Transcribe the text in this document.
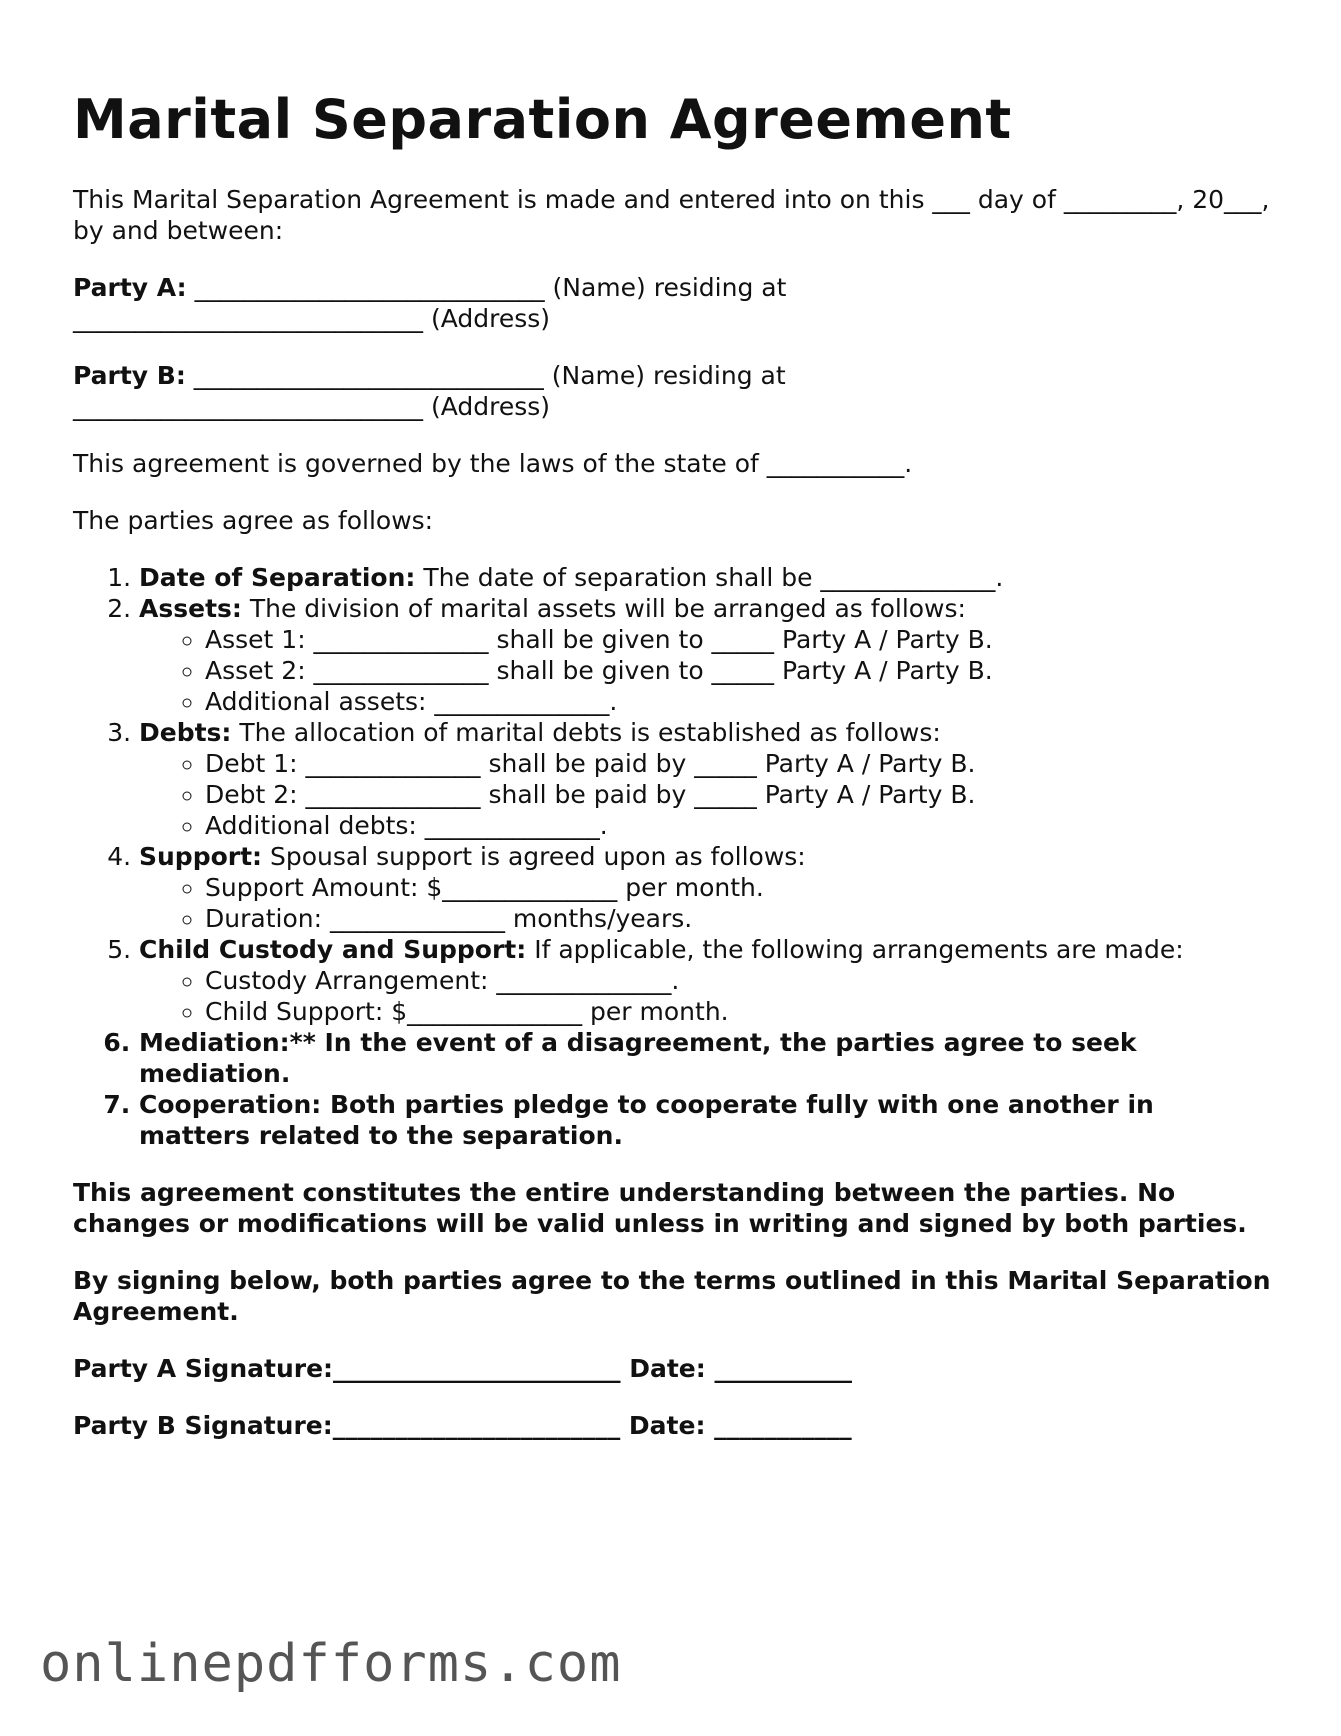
Marital Separation Agreement

This Marital Separation Agreement is made and entered into on this ___ day of _________, 20___, by and between:

Party A: ____________________________ (Name) residing at
____________________________ (Address)

Party B: ____________________________ (Name) residing at
____________________________ (Address)

This agreement is governed by the laws of the state of ___________.

The parties agree as follows:

1. Date of Separation: The date of separation shall be ______________.
2. Assets: The division of marital assets will be arranged as follows:
◦ Asset 1: ______________ shall be given to _____ Party A / Party B.
◦ Asset 2: ______________ shall be given to _____ Party A / Party B.
◦ Additional assets: ______________.
3. Debts: The allocation of marital debts is established as follows:
◦ Debt 1: ______________ shall be paid by _____ Party A / Party B.
◦ Debt 2: ______________ shall be paid by _____ Party A / Party B.
◦ Additional debts: ______________.
4. Support: Spousal support is agreed upon as follows:
◦ Support Amount: $______________ per month.
◦ Duration: ______________ months/years.
5. Child Custody and Support: If applicable, the following arrangements are made:
◦ Custody Arrangement: ______________.
◦ Child Support: $______________ per month.
6. Mediation:** In the event of a disagreement, the parties agree to seek mediation.
7. Cooperation: Both parties pledge to cooperate fully with one another in matters related to the separation.

This agreement constitutes the entire understanding between the parties. No changes or modifications will be valid unless in writing and signed by both parties.

By signing below, both parties agree to the terms outlined in this Marital Separation Agreement.

Party A Signature:_______________________ Date: ___________

Party B Signature:_______________________ Date: ___________

onlinepdfforms.com
